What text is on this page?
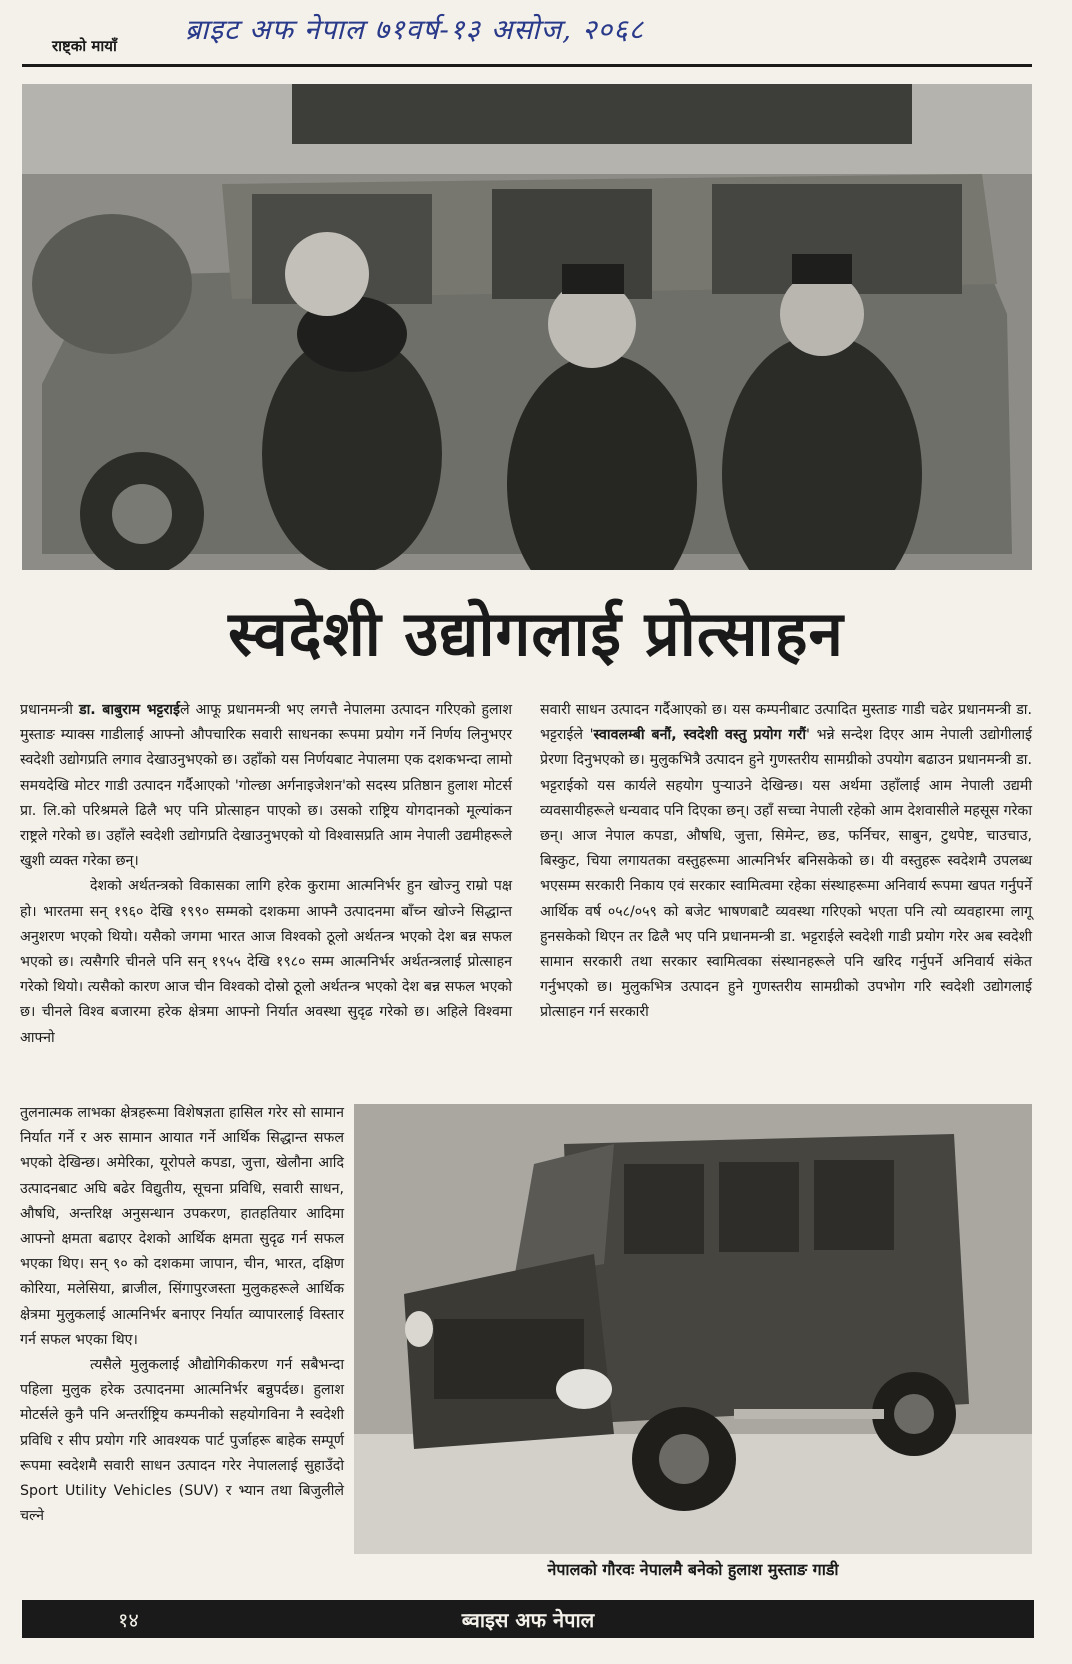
राष्ट्को मायाँ ब्राइट अफ नेपाल ७१वर्ष-१३ असोज, २०६८
स्वदेशी उद्योगलाई प्रोत्साहन

प्रधानमन्त्री डा. बाबुराम भट्टराईले आफू प्रधानमन्त्री भए लगत्तै नेपालमा उत्पादन गरिएको हुलाश मुस्ताङ म्याक्स गाडीलाई आफ्नो औपचारिक सवारी साधनका रूपमा प्रयोग गर्ने निर्णय लिनुभएर स्वदेशी उद्योगप्रति लगाव देखाउनुभएको छ। उहाँको यस निर्णयबाट नेपालमा एक दशकभन्दा लामो समयदेखि मोटर गाडी उत्पादन गर्दैआएको 'गोल्छा अर्गनाइजेशन'को सदस्य प्रतिष्ठान हुलाश मोटर्स प्रा. लि.को परिश्रमले ढिलै भए पनि प्रोत्साहन पाएको छ। उसको राष्ट्रिय योगदानको मूल्यांकन राष्ट्रले गरेको छ। उहाँले स्वदेशी उद्योगप्रति देखाउनुभएको यो विश्वासप्रति आम नेपाली उद्यमीहरूले खुशी व्यक्त गरेका छन्।

देशको अर्थतन्त्रको विकासका लागि हरेक कुरामा आत्मनिर्भर हुन खोज्नु राम्रो पक्ष हो। भारतमा सन् १९६० देखि १९९० सम्मको दशकमा आफ्नै उत्पादनमा बाँच्न खोज्ने सिद्धान्त अनुशरण भएको थियो। यसैको जगमा भारत आज विश्वको ठूलो अर्थतन्त्र भएको देश बन्न सफल भएको छ। त्यसैगरि चीनले पनि सन् १९५५ देखि १९८० सम्म आत्मनिर्भर अर्थतन्त्रलाई प्रोत्साहन गरेको थियो। त्यसैको कारण आज चीन विश्वको दोस्रो ठूलो अर्थतन्त्र भएको देश बन्न सफल भएको छ। चीनले विश्व बजारमा हरेक क्षेत्रमा आफ्नो निर्यात अवस्था सुदृढ गरेको छ। अहिले विश्वमा आफ्नो

सवारी साधन उत्पादन गर्दैआएको छ। यस कम्पनीबाट उत्पादित मुस्ताङ गाडी चढेर प्रधानमन्त्री डा. भट्टराईले 'स्वावलम्बी बनौं, स्वदेशी वस्तु प्रयोग गरौं' भन्ने सन्देश दिएर आम नेपाली उद्योगीलाई प्रेरणा दिनुभएको छ। मुलुकभित्रै उत्पादन हुने गुणस्तरीय सामग्रीको उपयोग बढाउन प्रधानमन्त्री डा. भट्टराईको यस कार्यले सहयोग पुऱ्याउने देखिन्छ। यस अर्थमा उहाँलाई आम नेपाली उद्यमी व्यवसायीहरूले धन्यवाद पनि दिएका छन्। उहाँ सच्चा नेपाली रहेको आम देशवासीले महसूस गरेका छन्। आज नेपाल कपडा, औषधि, जुत्ता, सिमेन्ट, छड, फर्निचर, साबुन, टुथपेष्ट, चाउचाउ, बिस्कुट, चिया लगायतका वस्तुहरूमा आत्मनिर्भर बनिसकेको छ। यी वस्तुहरू स्वदेशमै उपलब्ध भएसम्म सरकारी निकाय एवं सरकार स्वामित्वमा रहेका संस्थाहरूमा अनिवार्य रूपमा खपत गर्नुपर्ने आर्थिक वर्ष ०५८/०५९ को बजेट भाषणबाटै व्यवस्था गरिएको भएता पनि त्यो व्यवहारमा लागू हुनसकेको थिएन तर ढिलै भए पनि प्रधानमन्त्री डा. भट्टराईले स्वदेशी गाडी प्रयोग गरेर अब स्वदेशी सामान सरकारी तथा सरकार स्वामित्वका संस्थानहरूले पनि खरिद गर्नुपर्ने अनिवार्य संकेत गर्नुभएको छ। मुलुकभित्र उत्पादन हुने गुणस्तरीय सामग्रीको उपभोग गरि स्वदेशी उद्योगलाई प्रोत्साहन गर्न सरकारी

तुलनात्मक लाभका क्षेत्रहरूमा विशेषज्ञता हासिल गरेर सो सामान निर्यात गर्ने र अरु सामान आयात गर्ने आर्थिक सिद्धान्त सफल भएको देखिन्छ। अमेरिका, यूरोपले कपडा, जुत्ता, खेलौना आदि उत्पादनबाट अघि बढेर विद्युतीय, सूचना प्रविधि, सवारी साधन, औषधि, अन्तरिक्ष अनुसन्धान उपकरण, हातहतियार आदिमा आफ्नो क्षमता बढाएर देशको आर्थिक क्षमता सुदृढ गर्न सफल भएका थिए। सन् ९० को दशकमा जापान, चीन, भारत, दक्षिण कोरिया, मलेसिया, ब्राजील, सिंगापुरजस्ता मुलुकहरूले आर्थिक क्षेत्रमा मुलुकलाई आत्मनिर्भर बनाएर निर्यात व्यापारलाई विस्तार गर्न सफल भएका थिए।

त्यसैले मुलुकलाई औद्योगिकीकरण गर्न सबैभन्दा पहिला मुलुक हरेक उत्पादनमा आत्मनिर्भर बन्नुपर्दछ। हुलाश मोटर्सले कुनै पनि अन्तर्राष्ट्रिय कम्पनीको सहयोगविना नै स्वदेशी प्रविधि र सीप प्रयोग गरि आवश्यक पार्ट पुर्जाहरू बाहेक सम्पूर्ण रूपमा स्वदेशमै सवारी साधन उत्पादन गरेर नेपाललाई सुहाउँदो Sport Utility Vehicles (SUV) र भ्यान तथा बिजुलीले चल्ने

नेपालको गौरवः नेपालमै बनेको हुलाश मुस्ताङ गाडी
१४	ब्वाइस अफ नेपाल
